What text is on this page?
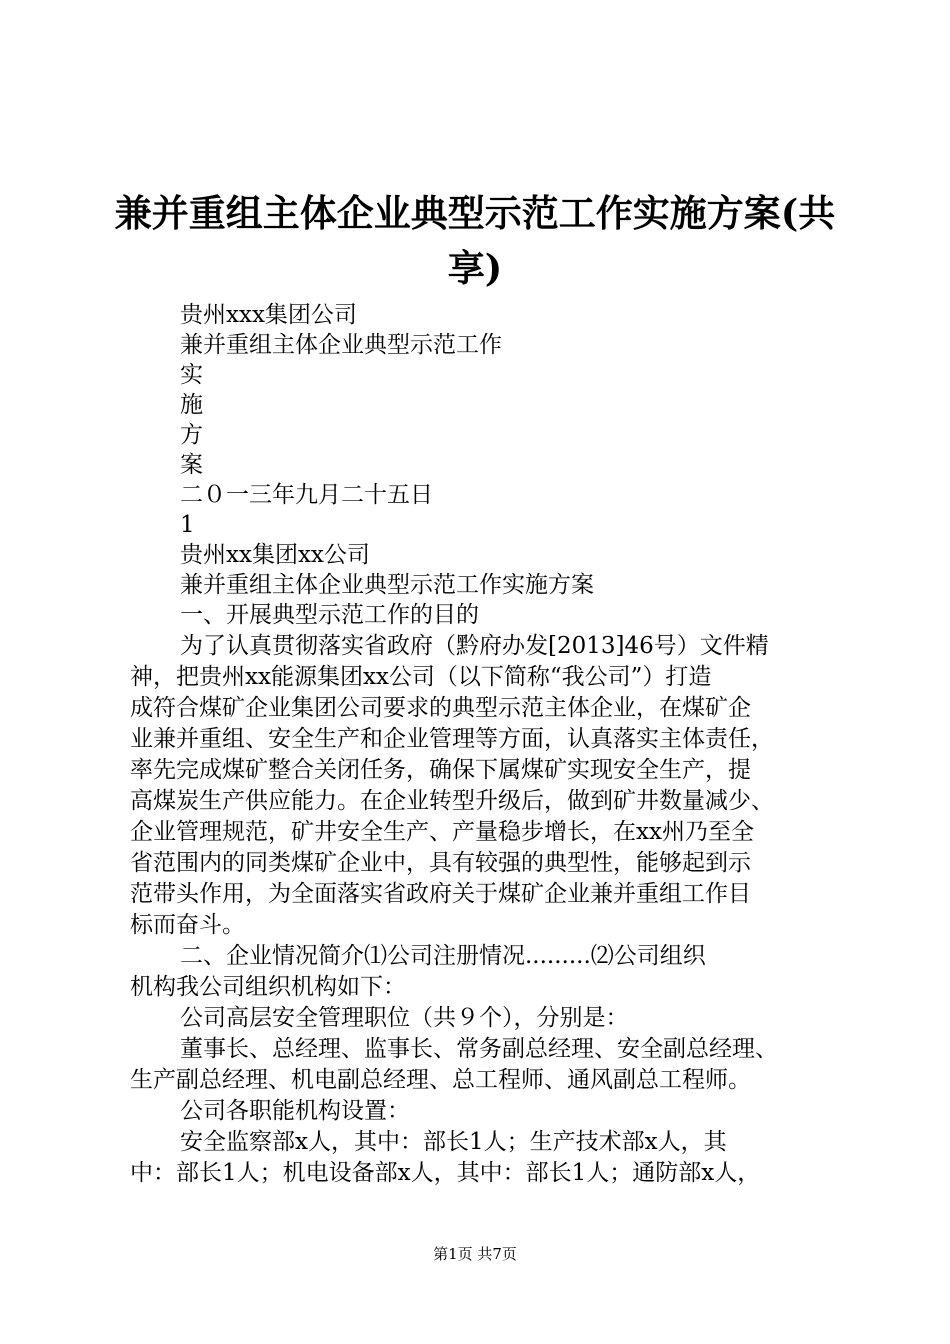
兼并重组主体企业典型示范工作实施方案(共
享)

贵州xxx集团公司

兼并重组主体企业典型示范工作

实

施

方

案

二０一三年九月二十五日

1

贵州xx集团xx公司

兼并重组主体企业典型示范工作实施方案

一、开展典型示范工作的目的

为了认真贯彻落实省政府（黔府办发[2013]46号）文件精

神，把贵州xx能源集团xx公司（以下简称“我公司”）打造

成符合煤矿企业集团公司要求的典型示范主体企业，在煤矿企

业兼并重组、安全生产和企业管理等方面，认真落实主体责任，

率先完成煤矿整合关闭任务，确保下属煤矿实现安全生产，提

高煤炭生产供应能力。在企业转型升级后，做到矿井数量减少、

企业管理规范，矿井安全生产、产量稳步增长，在xx州乃至全

省范围内的同类煤矿企业中，具有较强的典型性，能够起到示

范带头作用，为全面落实省政府关于煤矿企业兼并重组工作目

标而奋斗。

二、企业情况简介⑴公司注册情况.........⑵公司组织

机构我公司组织机构如下：

公司高层安全管理职位（共９个），分别是：

董事长、总经理、监事长、常务副总经理、安全副总经理、

生产副总经理、机电副总经理、总工程师、通风副总工程师。

公司各职能机构设置：

安全监察部x人，其中：部长1人；生产技术部x人，其

中：部长1人；机电设备部x人，其中：部长1人；通防部x人，

第1页 共7页
